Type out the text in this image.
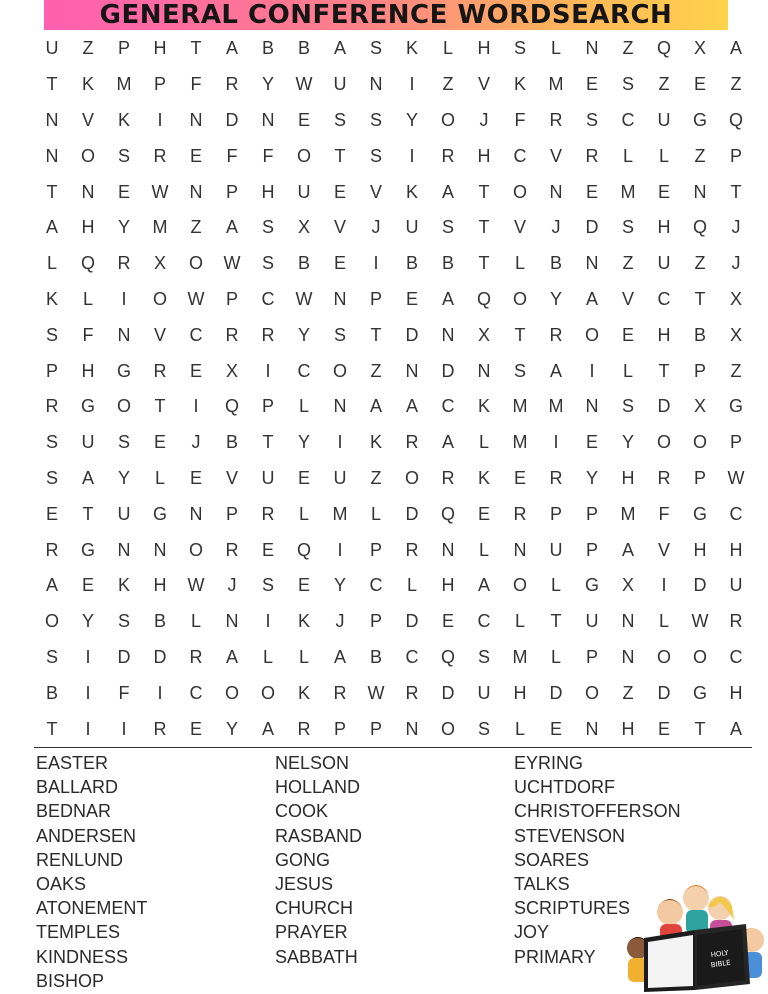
GENERAL CONFERENCE WORDSEARCH
U	Z	P	H	T	A	B	B	A	S	K	L	H	S	L	N	Z	Q	X	A
T	K	M	P	F	R	Y	W	U	N	I	Z	V	K	M	E	S	Z	E	Z
N	V	K	I	N	D	N	E	S	S	Y	O	J	F	R	S	C	U	G	Q
N	O	S	R	E	F	F	O	T	S	I	R	H	C	V	R	L	L	Z	P
T	N	E	W	N	P	H	U	E	V	K	A	T	O	N	E	M	E	N	T
A	H	Y	M	Z	A	S	X	V	J	U	S	T	V	J	D	S	H	Q	J
L	Q	R	X	O	W	S	B	E	I	B	B	T	L	B	N	Z	U	Z	J
K	L	I	O	W	P	C	W	N	P	E	A	Q	O	Y	A	V	C	T	X
S	F	N	V	C	R	R	Y	S	T	D	N	X	T	R	O	E	H	B	X
P	H	G	R	E	X	I	C	O	Z	N	D	N	S	A	I	L	T	P	Z
R	G	O	T	I	Q	P	L	N	A	A	C	K	M	M	N	S	D	X	G
S	U	S	E	J	B	T	Y	I	K	R	A	L	M	I	E	Y	O	O	P
S	A	Y	L	E	V	U	E	U	Z	O	R	K	E	R	Y	H	R	P	W
E	T	U	G	N	P	R	L	M	L	D	Q	E	R	P	P	M	F	G	C
R	G	N	N	O	R	E	Q	I	P	R	N	L	N	U	P	A	V	H	H
A	E	K	H	W	J	S	E	Y	C	L	H	A	O	L	G	X	I	D	U
O	Y	S	B	L	N	I	K	J	P	D	E	C	L	T	U	N	L	W	R
S	I	D	D	R	A	L	L	A	B	C	Q	S	M	L	P	N	O	O	C
B	I	F	I	C	O	O	K	R	W	R	D	U	H	D	O	Z	D	G	H
T	I	I	R	E	Y	A	R	P	P	N	O	S	L	E	N	H	E	T	A
EASTER
BALLARD
BEDNAR
ANDERSEN
RENLUND
OAKS
ATONEMENT
TEMPLES
KINDNESS
BISHOP
NELSON
HOLLAND
COOK
RASBAND
GONG
JESUS
CHURCH
PRAYER
SABBATH
EYRING
UCHTDORF
CHRISTOFFERSON
STEVENSON
SOARES
TALKS
SCRIPTURES
JOY
PRIMARY	HOLY
BIBLE
